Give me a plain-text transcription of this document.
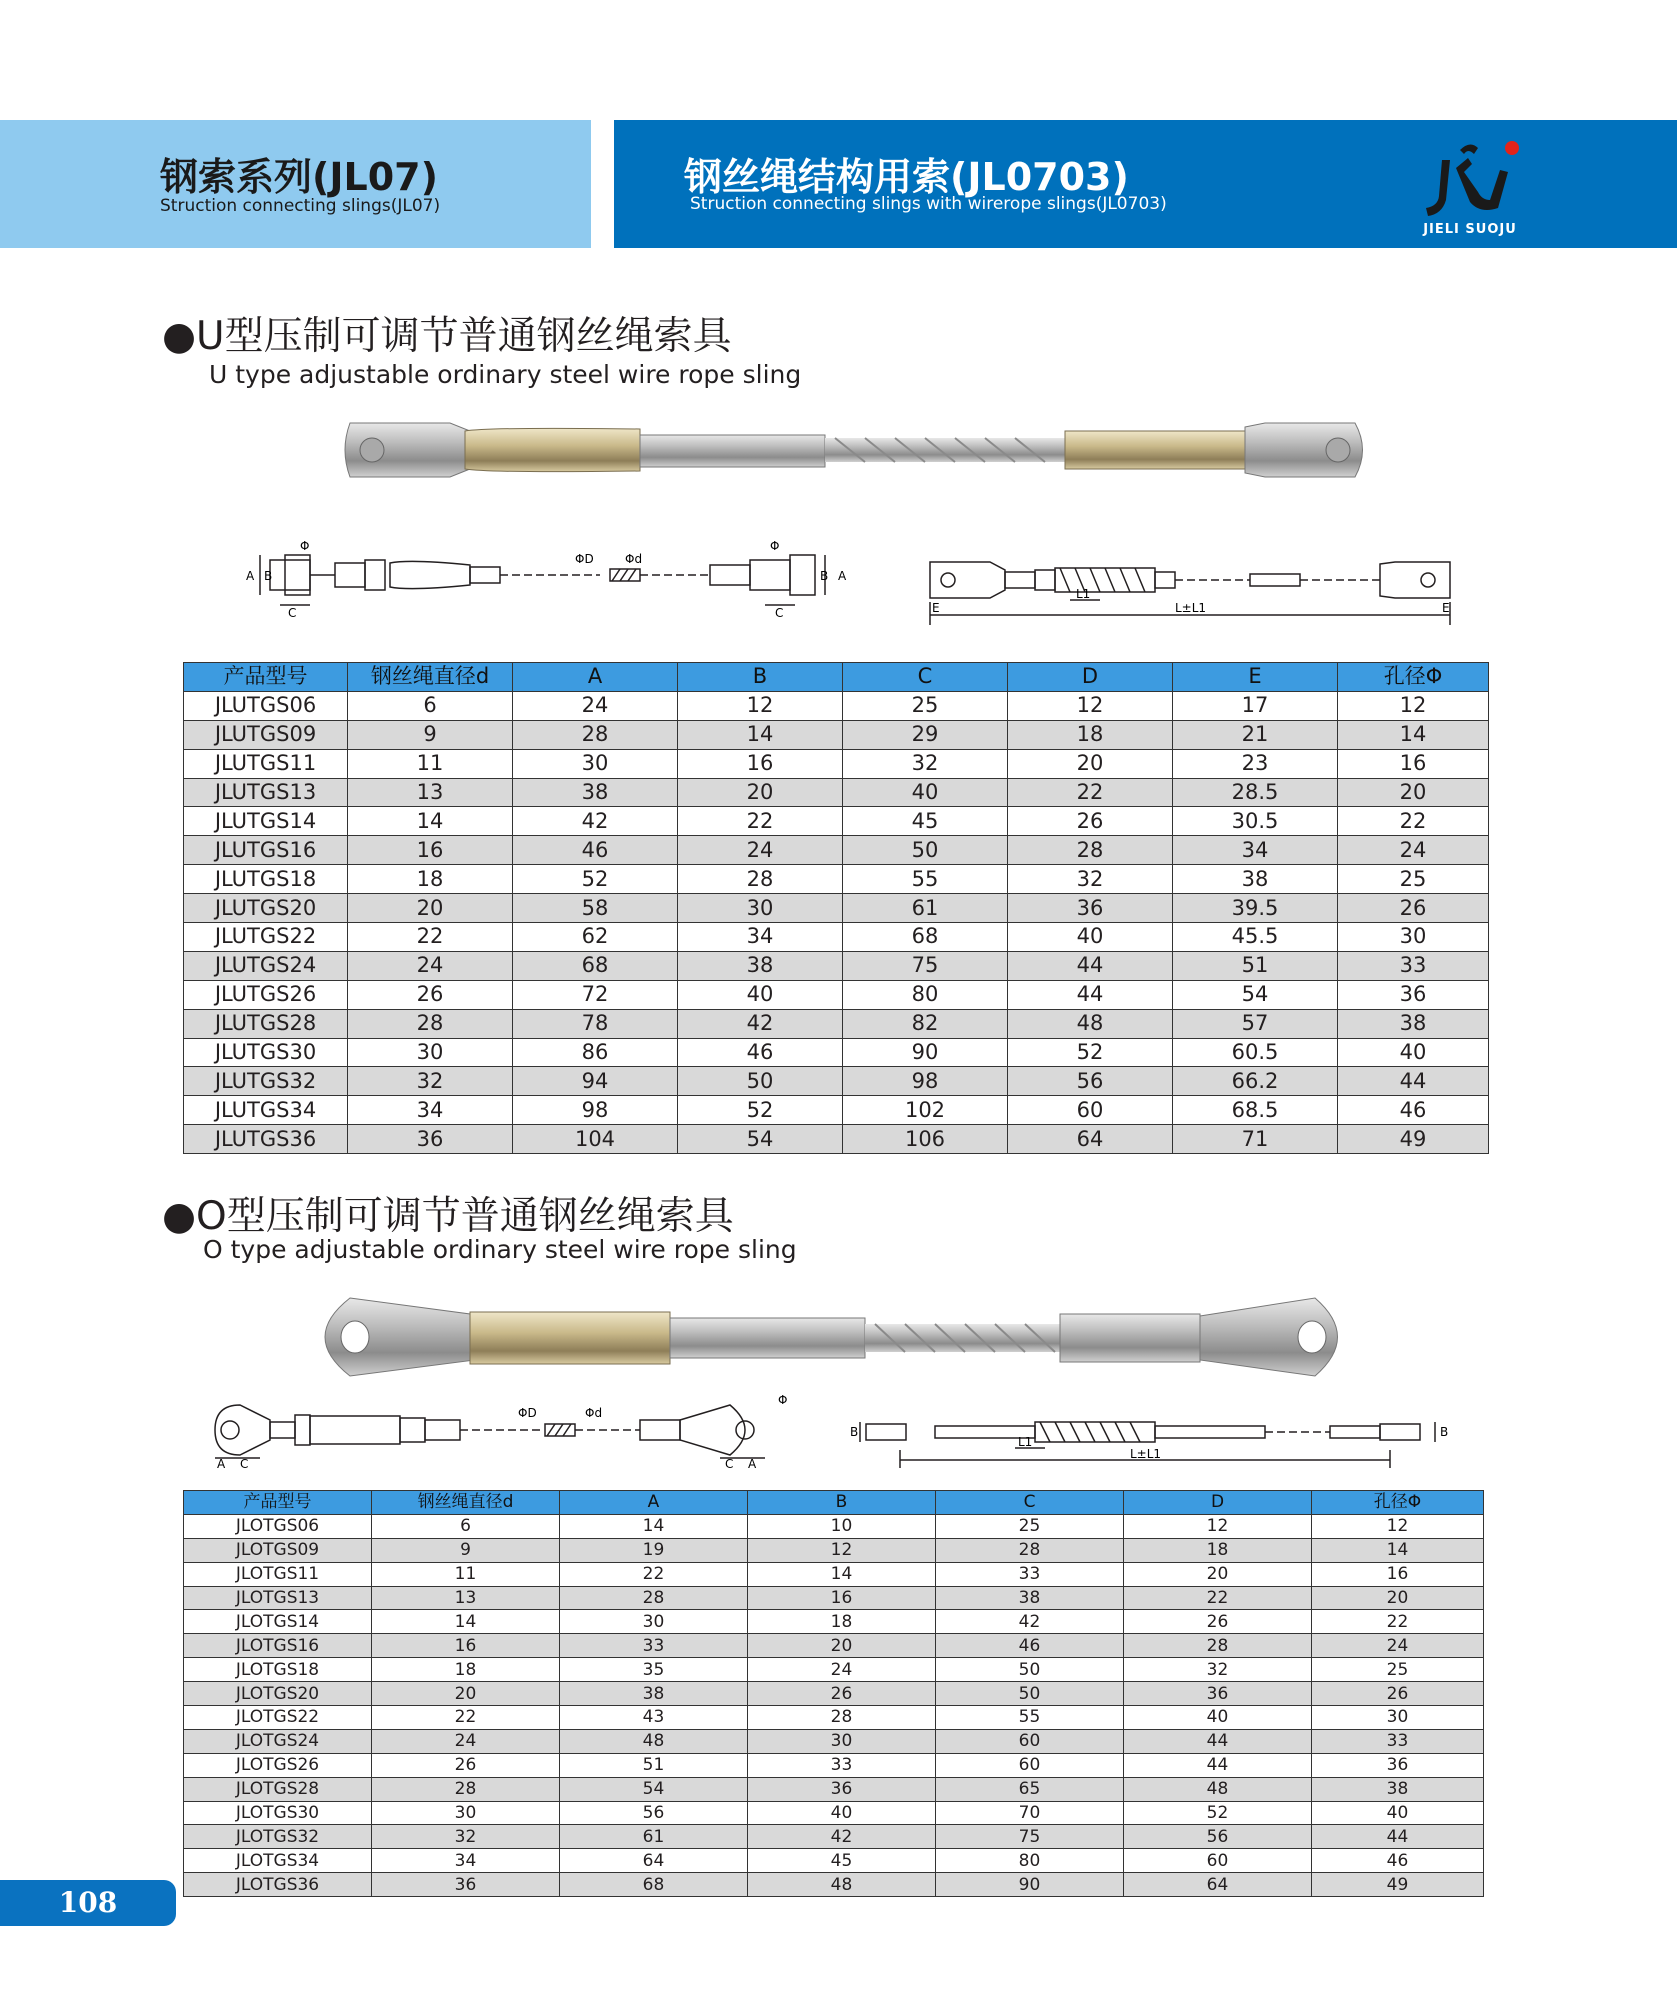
钢索系列(JL07)
Struction connecting slings(JL07)
钢丝绳结构用索(JL0703)
Struction connecting slings with wirerope slings(JL0703)
JIELI SUOJU
●U型压制可调节普通钢丝绳索具
U type adjustable ordinary steel wire rope sling
A B
C
Φ
ΦD	Φd
Φ
B A
C	E
L1
L±L1	E
产品型号	钢丝绳直径d	A	B	C	D	E	孔径Φ
JLUTGS06	6	24	12	25	12	17	12
JLUTGS09	9	28	14	29	18	21	14
JLUTGS11	11	30	16	32	20	23	16
JLUTGS13	13	38	20	40	22	28.5	20
JLUTGS14	14	42	22	45	26	30.5	22
JLUTGS16	16	46	24	50	28	34	24
JLUTGS18	18	52	28	55	32	38	25
JLUTGS20	20	58	30	61	36	39.5	26
JLUTGS22	22	62	34	68	40	45.5	30
JLUTGS24	24	68	38	75	44	51	33
JLUTGS26	26	72	40	80	44	54	36
JLUTGS28	28	78	42	82	48	57	38
JLUTGS30	30	86	46	90	52	60.5	40
JLUTGS32	32	94	50	98	56	66.2	44
JLUTGS34	34	98	52	102	60	68.5	46
JLUTGS36	36	104	54	106	64	71	49
●O型压制可调节普通钢丝绳索具
O type adjustable ordinary steel wire rope sling
A C
ΦD	Φd
C A
Φ
B
L1
L±L1
B
产品型号	钢丝绳直径d	A	B	C	D	孔径Φ
JLOTGS06	6	14	10	25	12	12
JLOTGS09	9	19	12	28	18	14
JLOTGS11	11	22	14	33	20	16
JLOTGS13	13	28	16	38	22	20
JLOTGS14	14	30	18	42	26	22
JLOTGS16	16	33	20	46	28	24
JLOTGS18	18	35	24	50	32	25
JLOTGS20	20	38	26	50	36	26
JLOTGS22	22	43	28	55	40	30
JLOTGS24	24	48	30	60	44	33
JLOTGS26	26	51	33	60	44	36
JLOTGS28	28	54	36	65	48	38
JLOTGS30	30	56	40	70	52	40
JLOTGS32	32	61	42	75	56	44
JLOTGS34	34	64	45	80	60	46
JLOTGS36	36	68	48	90	64	49
108
